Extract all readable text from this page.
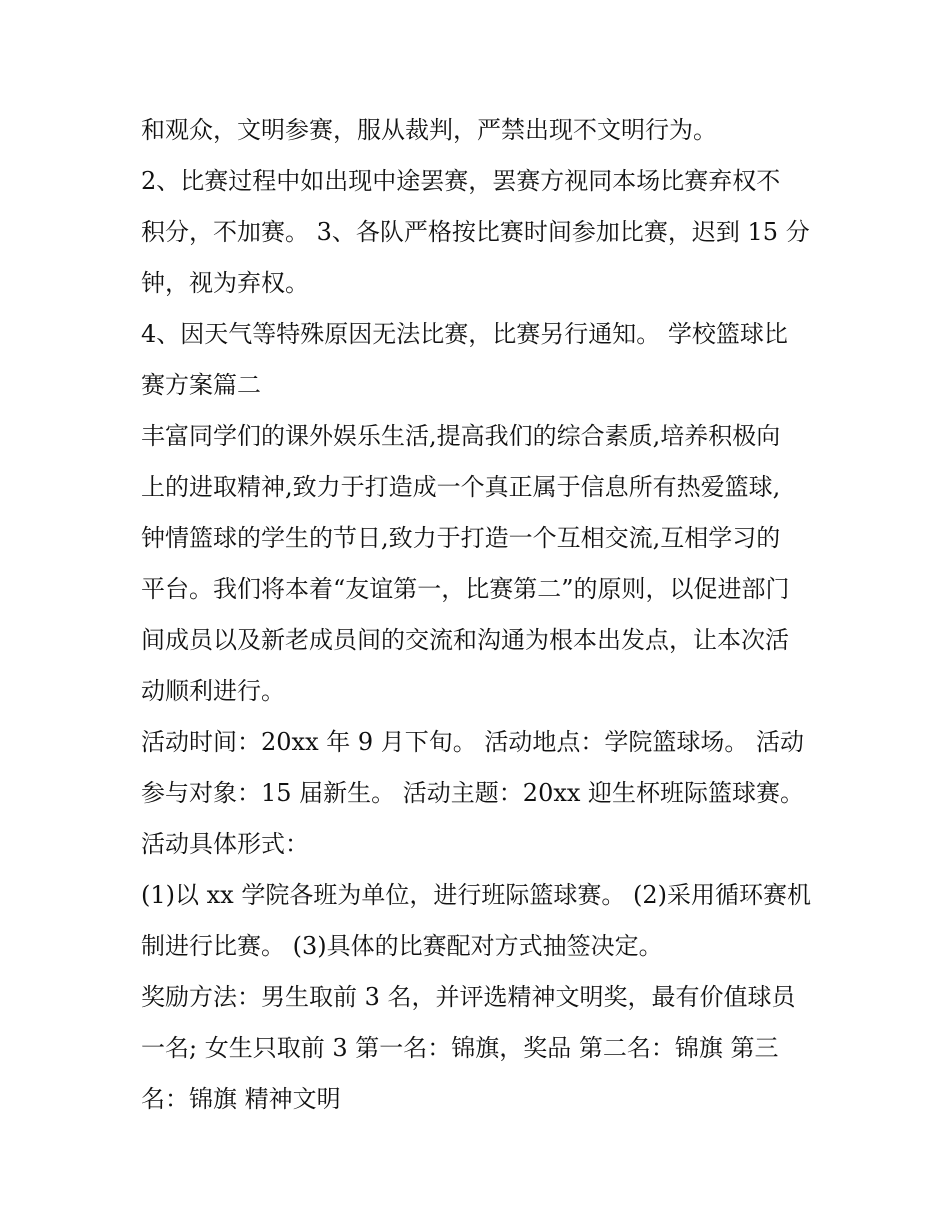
和观众，文明参赛，服从裁判，严禁出现不文明行为。
2、比赛过程中如出现中途罢赛，罢赛方视同本场比赛弃权不
积分，不加赛。 3、各队严格按比赛时间参加比赛，迟到 15 分
钟，视为弃权。
4、因天气等特殊原因无法比赛，比赛另行通知。 学校篮球比
赛方案篇二
丰富同学们的课外娱乐生活,提高我们的综合素质,培养积极向
上的进取精神,致力于打造成一个真正属于信息所有热爱篮球,
钟情篮球的学生的节日,致力于打造一个互相交流,互相学习的
平台。我们将本着“友谊第一，比赛第二”的原则，以促进部门
间成员以及新老成员间的交流和沟通为根本出发点，让本次活
动顺利进行。
活动时间：20xx 年 9 月下旬。 活动地点：学院篮球场。 活动
参与对象：15 届新生。 活动主题：20xx 迎生杯班际篮球赛。
活动具体形式：
(1)以 xx 学院各班为单位，进行班际篮球赛。 (2)采用循环赛机
制进行比赛。 (3)具体的比赛配对方式抽签决定。
奖励方法：男生取前 3 名，并评选精神文明奖，最有价值球员
一名; 女生只取前 3 第一名：锦旗，奖品 第二名：锦旗 第三
名：锦旗 精神文明
